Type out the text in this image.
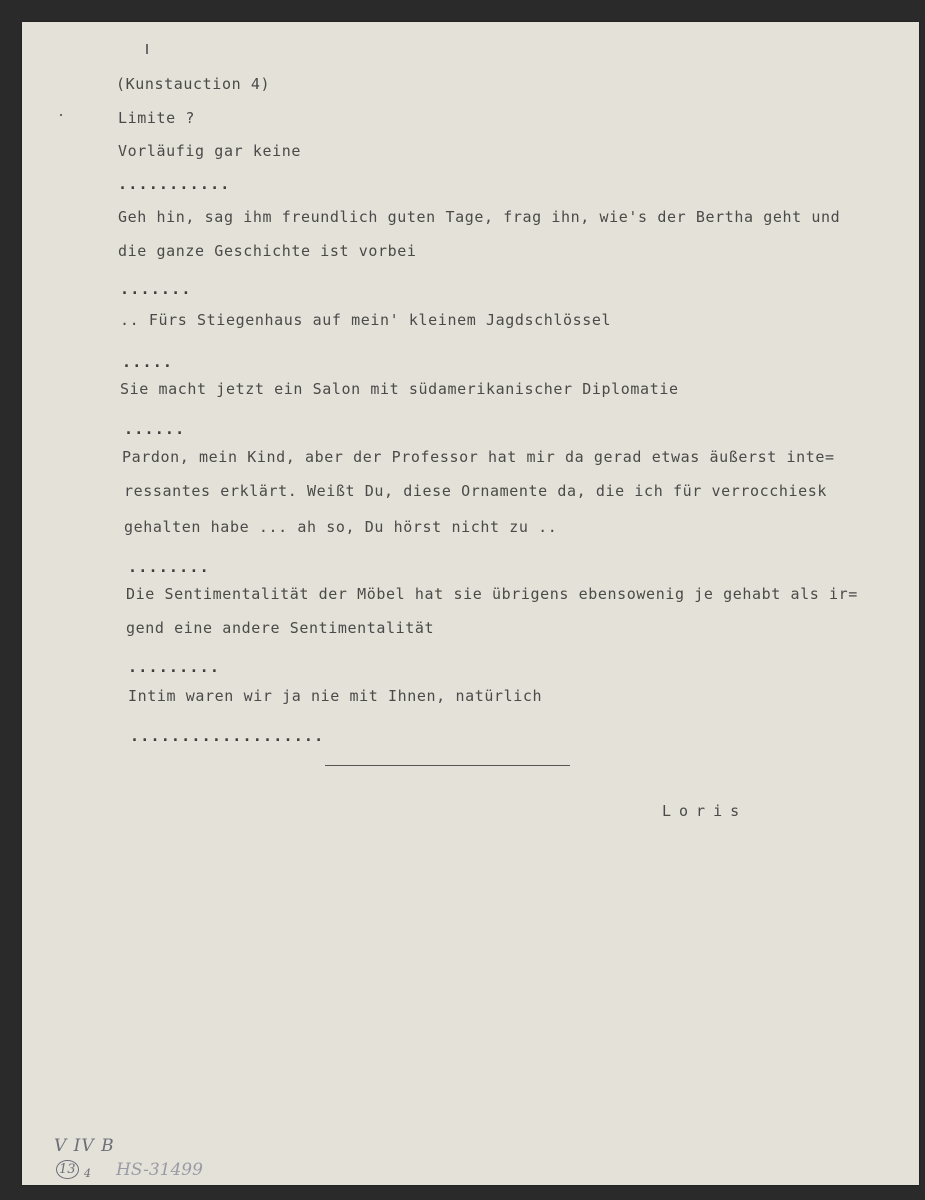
(Kunstauction 4)
Limite ?
Vorläufig gar keine
...........
Geh hin, sag ihm freundlich guten Tage, frag ihn, wie's der Bertha geht und
die ganze Geschichte ist vorbei
.......
.. Fürs Stiegenhaus auf mein' kleinem Jagdschlössel
.....
Sie macht jetzt ein Salon mit südamerikanischer Diplomatie
......
Pardon, mein Kind, aber der Professor hat mir da gerad etwas äußerst inte=
ressantes erklärt. Weißt Du, diese Ornamente da, die ich für verrocchiesk
gehalten habe ... ah so, Du hörst nicht zu ..
........
Die Sentimentalität der Möbel hat sie übrigens ebensowenig je gehabt als ir=
gend eine andere Sentimentalität
.........
Intim waren wir ja nie mit Ihnen, natürlich
...................
Loris
V IV B
13 4 HS-31499
